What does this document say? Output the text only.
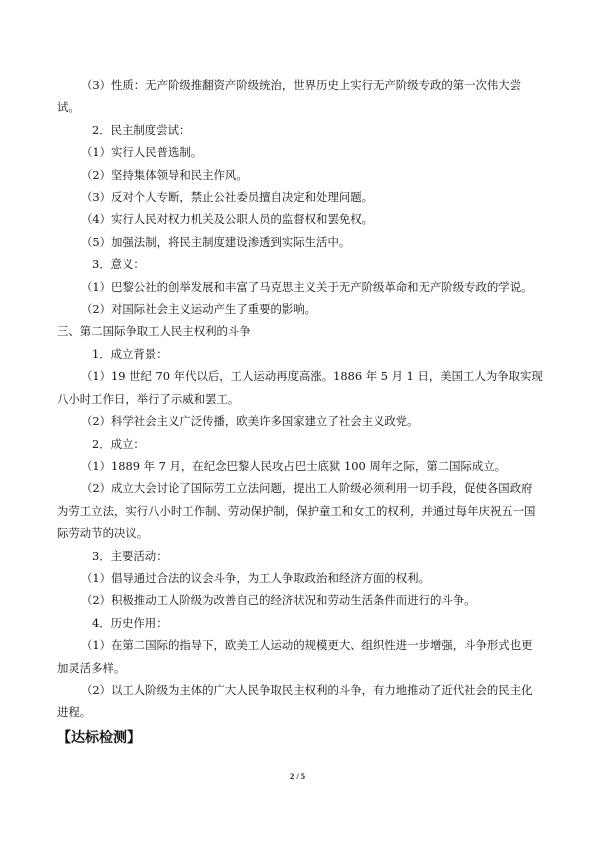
（3）性质：无产阶级推翻资产阶级统治，世界历史上实行无产阶级专政的第一次伟大尝试。

2．民主制度尝试：

（1）实行人民普选制。

（2）坚持集体领导和民主作风。

（3）反对个人专断，禁止公社委员擅自决定和处理问题。

（4）实行人民对权力机关及公职人员的监督权和罢免权。

（5）加强法制，将民主制度建设渗透到实际生活中。

3．意义：

（1）巴黎公社的创举发展和丰富了马克思主义关于无产阶级革命和无产阶级专政的学说。

（2）对国际社会主义运动产生了重要的影响。

三、第二国际争取工人民主权利的斗争

1．成立背景：

（1）19 世纪 70 年代以后，工人运动再度高涨。1886 年 5 月 1 日，美国工人为争取实现八小时工作日，举行了示威和罢工。

（2）科学社会主义广泛传播，欧美许多国家建立了社会主义政党。

2．成立：

（1）1889 年 7 月，在纪念巴黎人民攻占巴士底狱 100 周年之际，第二国际成立。

（2）成立大会讨论了国际劳工立法问题，提出工人阶级必须利用一切手段，促使各国政府为劳工立法，实行八小时工作制、劳动保护制，保护童工和女工的权利，并通过每年庆祝五一国际劳动节的决议。

3．主要活动：

（1）倡导通过合法的议会斗争，为工人争取政治和经济方面的权利。

（2）积极推动工人阶级为改善自己的经济状况和劳动生活条件而进行的斗争。

4．历史作用：

（1）在第二国际的指导下，欧美工人运动的规模更大、组织性进一步增强，斗争形式也更加灵活多样。

（2）以工人阶级为主体的广大人民争取民主权利的斗争，有力地推动了近代社会的民主化进程。

【达标检测】
2 / 5
